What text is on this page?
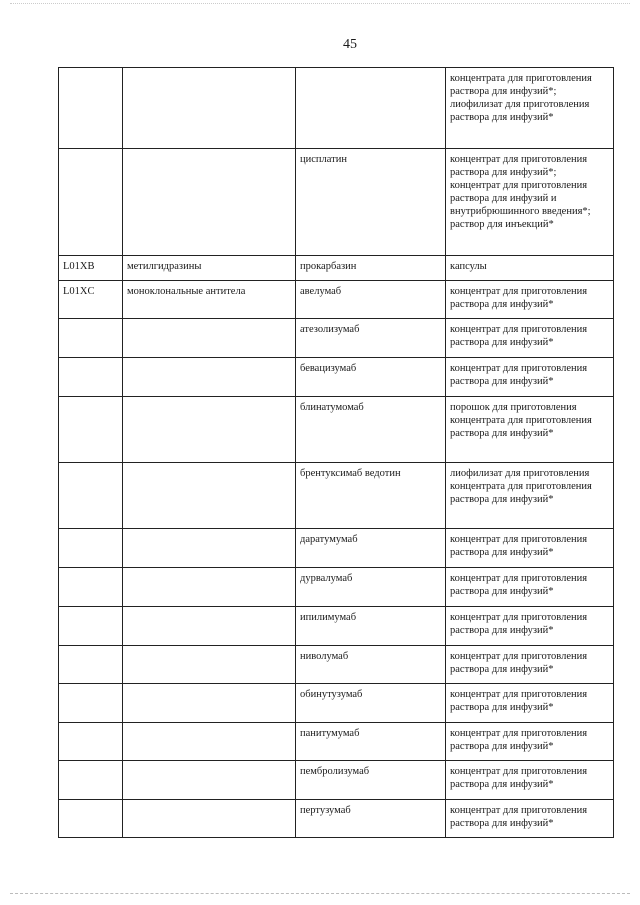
45
			концентрата для приготовления раствора для инфузий*; лиофилизат для приготовления раствора для инфузий*
		цисплатин	концентрат для приготовления раствора для инфузий*; концентрат для приготовления раствора для инфузий и внутрибрюшинного введения*; раствор для инъекций*
L01XB	метилгидразины	прокарбазин	капсулы
L01XC	моноклональные антитела	авелумаб	концентрат для приготовления раствора для инфузий*
		атезолизумаб	концентрат для приготовления раствора для инфузий*
		бевацизумаб	концентрат для приготовления раствора для инфузий*
		блинатумомаб	порошок для приготовления концентрата для приготовления раствора для инфузий*
		брентуксимаб ведотин	лиофилизат для приготовления концентрата для приготовления раствора для инфузий*
		даратумумаб	концентрат для приготовления раствора для инфузий*
		дурвалумаб	концентрат для приготовления раствора для инфузий*
		ипилимумаб	концентрат для приготовления раствора для инфузий*
		ниволумаб	концентрат для приготовления раствора для инфузий*
		обинутузумаб	концентрат для приготовления раствора для инфузий*
		панитумумаб	концентрат для приготовления раствора для инфузий*
		пембролизумаб	концентрат для приготовления раствора для инфузий*
		пертузумаб	концентрат для приготовления раствора для инфузий*
